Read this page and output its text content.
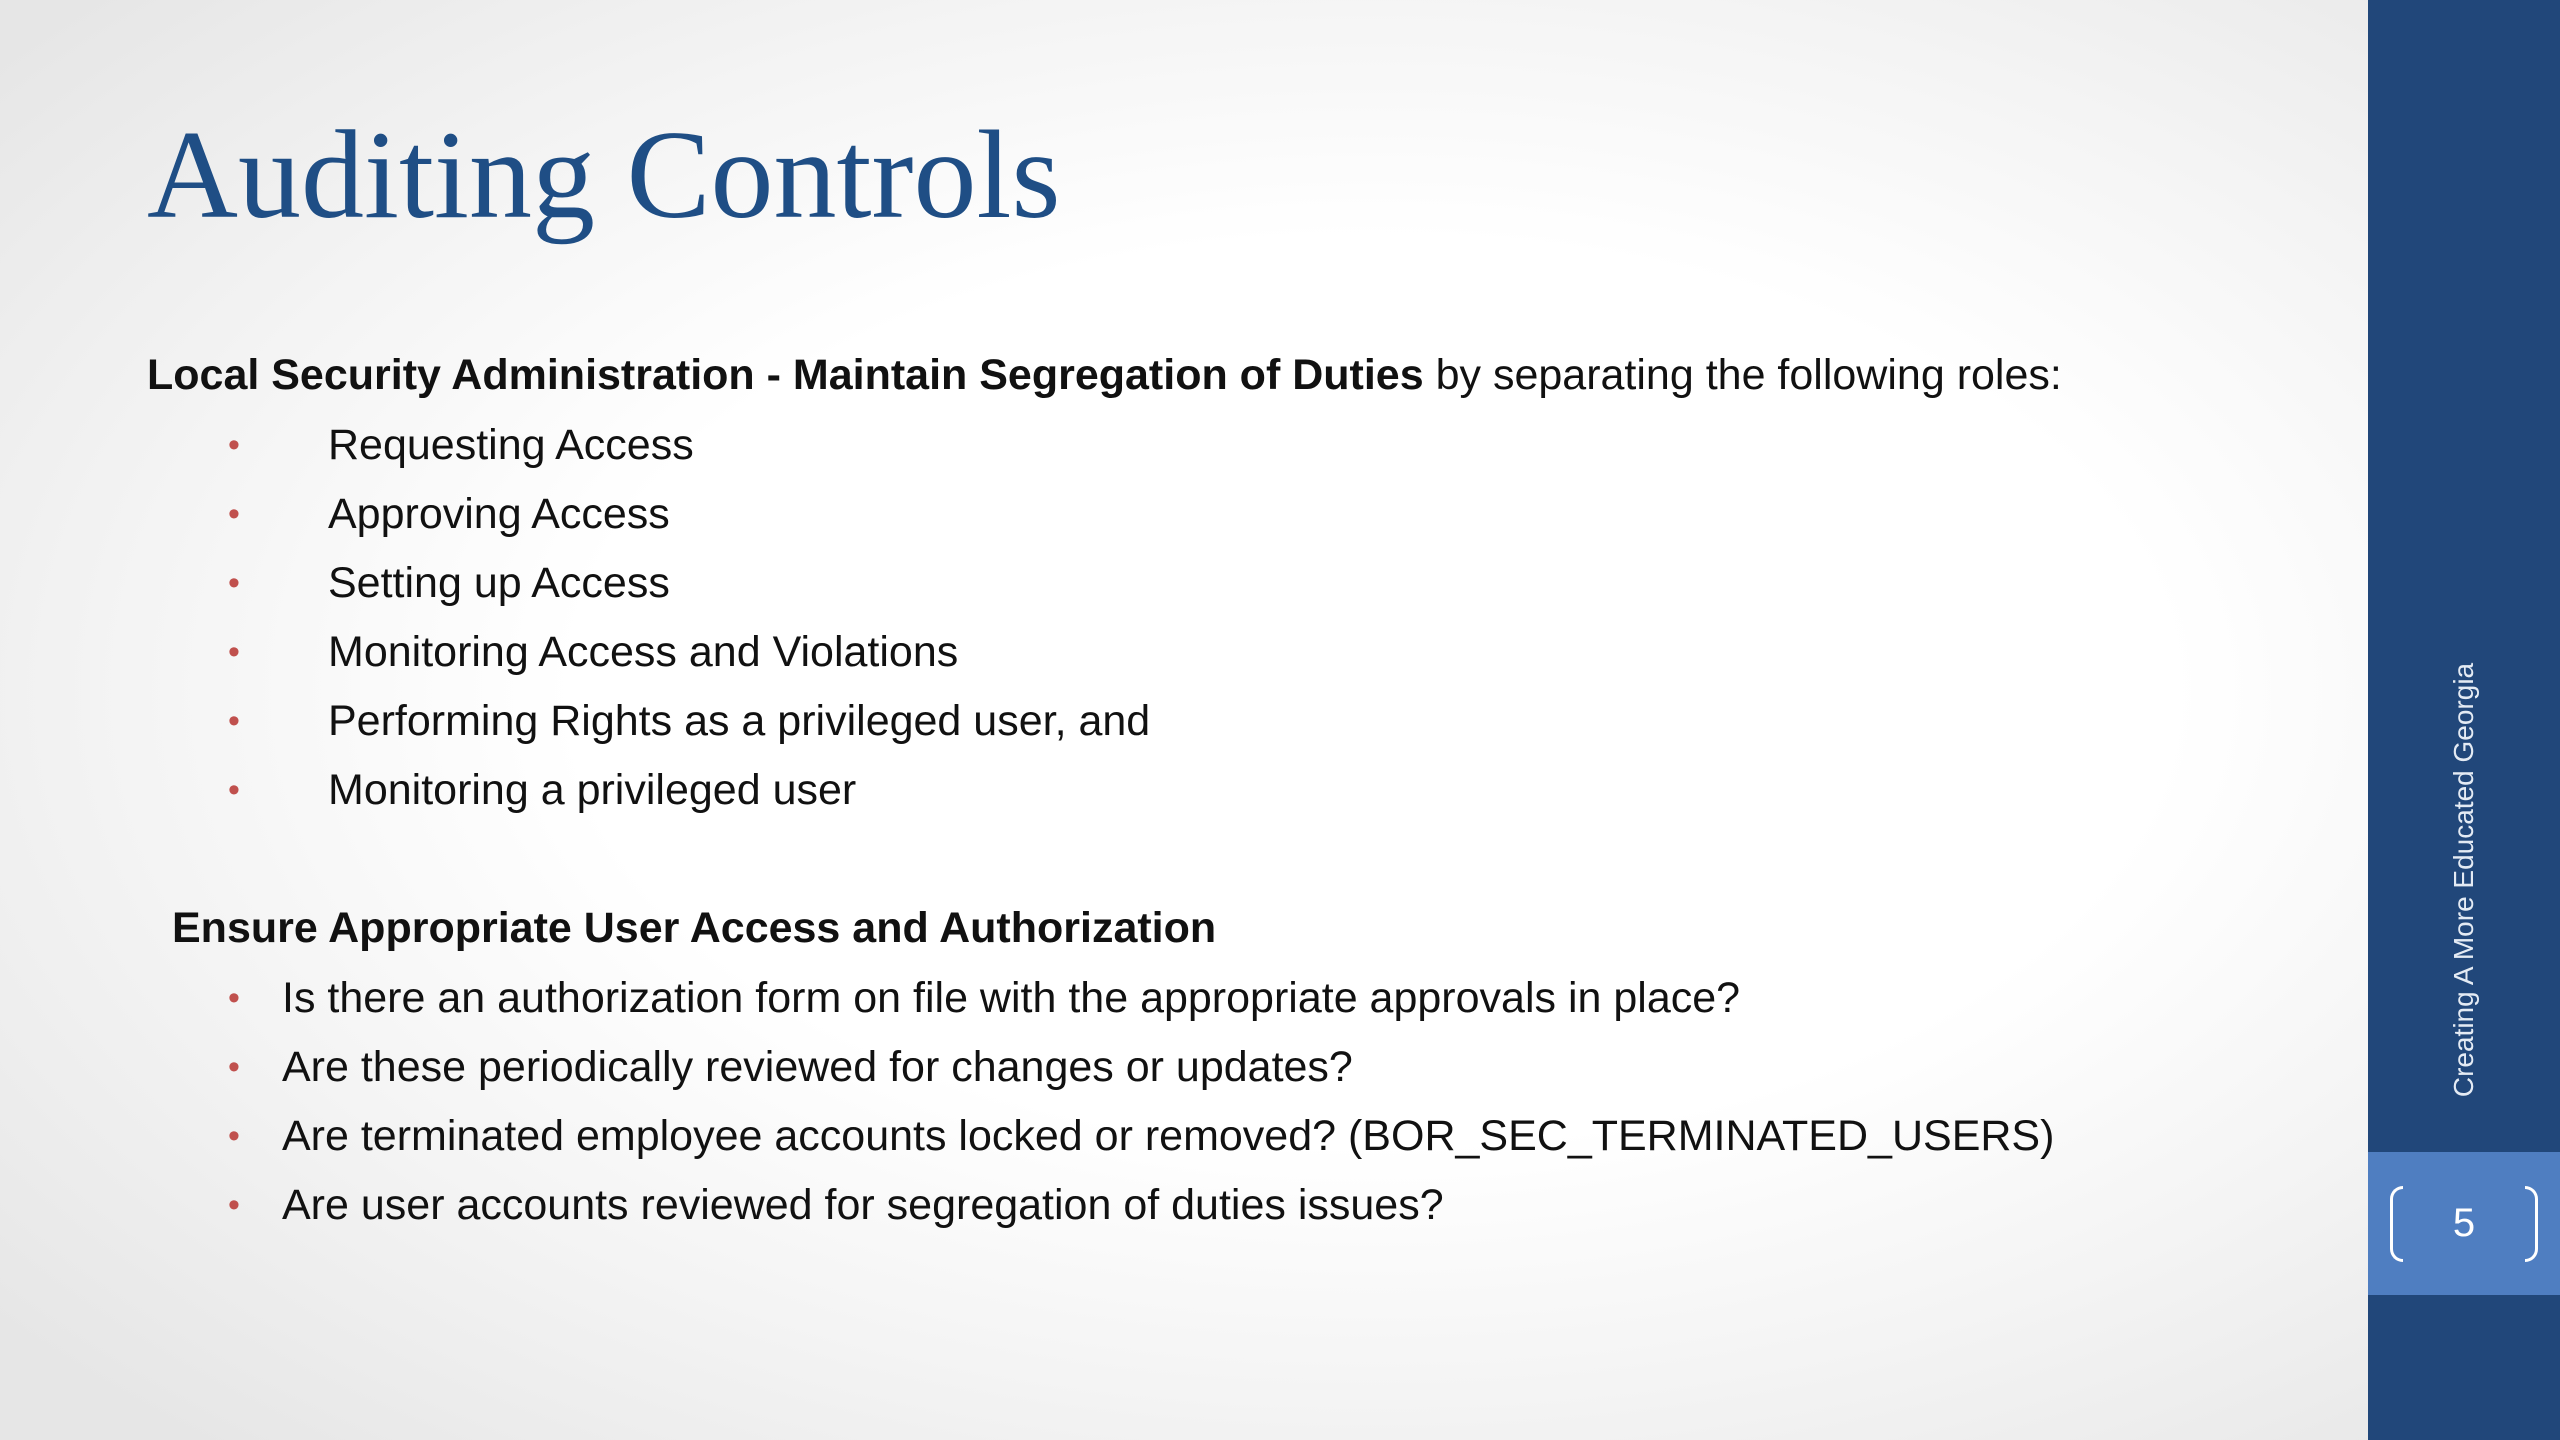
Auditing Controls
Local Security Administration - Maintain Segregation of Duties by separating the following roles:
• Requesting Access
• Approving Access
• Setting up Access
• Monitoring Access and Violations
• Performing Rights as a privileged user, and
• Monitoring a privileged user
Ensure Appropriate User Access and Authorization
• Is there an authorization form on file with the appropriate approvals in place?
• Are these periodically reviewed for changes or updates?
• Are terminated employee accounts locked or removed? (BOR_SEC_TERMINATED_USERS)
• Are user accounts reviewed for segregation of duties issues?
Creating A More Educated Georgia
5
